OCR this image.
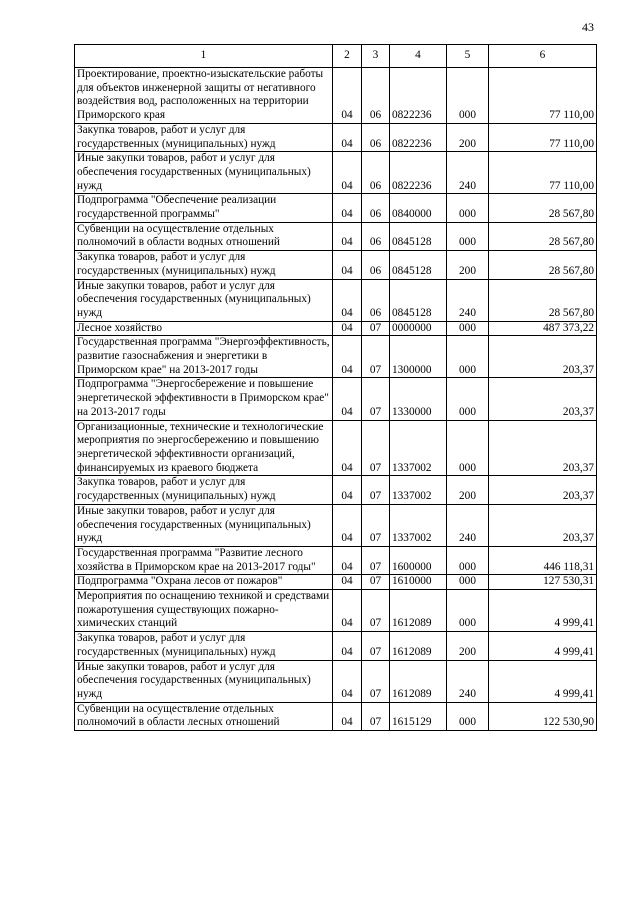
43
1	2	3	4	5	6
Проектирование, проектно-изыскательские работы для объектов инженерной защиты от негативного воздействия вод, расположенных на территории Приморского края	04	06	0822236	000	77 110,00
Закупка товаров, работ и услуг для государственных (муниципальных) нужд	04	06	0822236	200	77 110,00
Иные закупки товаров, работ и услуг для обеспечения государственных (муниципальных) нужд	04	06	0822236	240	77 110,00
Подпрограмма "Обеспечение реализации государственной программы"	04	06	0840000	000	28 567,80
Субвенции на осуществление отдельных полномочий в области водных отношений	04	06	0845128	000	28 567,80
Закупка товаров, работ и услуг для государственных (муниципальных) нужд	04	06	0845128	200	28 567,80
Иные закупки товаров, работ и услуг для обеспечения государственных (муниципальных) нужд	04	06	0845128	240	28 567,80
Лесное хозяйство	04	07	0000000	000	487 373,22
Государственная программа "Энергоэффективность, развитие газоснабжения и энергетики в Приморском крае" на 2013-2017 годы	04	07	1300000	000	203,37
Подпрограмма "Энергосбережение и повышение энергетической эффективности в Приморском крае" на 2013-2017 годы	04	07	1330000	000	203,37
Организационные, технические и технологические мероприятия по энергосбережению и повышению энергетической эффективности организаций, финансируемых из краевого бюджета	04	07	1337002	000	203,37
Закупка товаров, работ и услуг для государственных (муниципальных) нужд	04	07	1337002	200	203,37
Иные закупки товаров, работ и услуг для обеспечения государственных (муниципальных) нужд	04	07	1337002	240	203,37
Государственная программа "Развитие лесного хозяйства в Приморском крае на 2013-2017 годы"	04	07	1600000	000	446 118,31
Подпрограмма "Охрана лесов от пожаров"	04	07	1610000	000	127 530,31
Мероприятия по оснащению техникой и средствами пожаротушения существующих пожарно-химических станций	04	07	1612089	000	4 999,41
Закупка товаров, работ и услуг для государственных (муниципальных) нужд	04	07	1612089	200	4 999,41
Иные закупки товаров, работ и услуг для обеспечения государственных (муниципальных) нужд	04	07	1612089	240	4 999,41
Субвенции на осуществление отдельных полномочий в области лесных отношений	04	07	1615129	000	122 530,90
